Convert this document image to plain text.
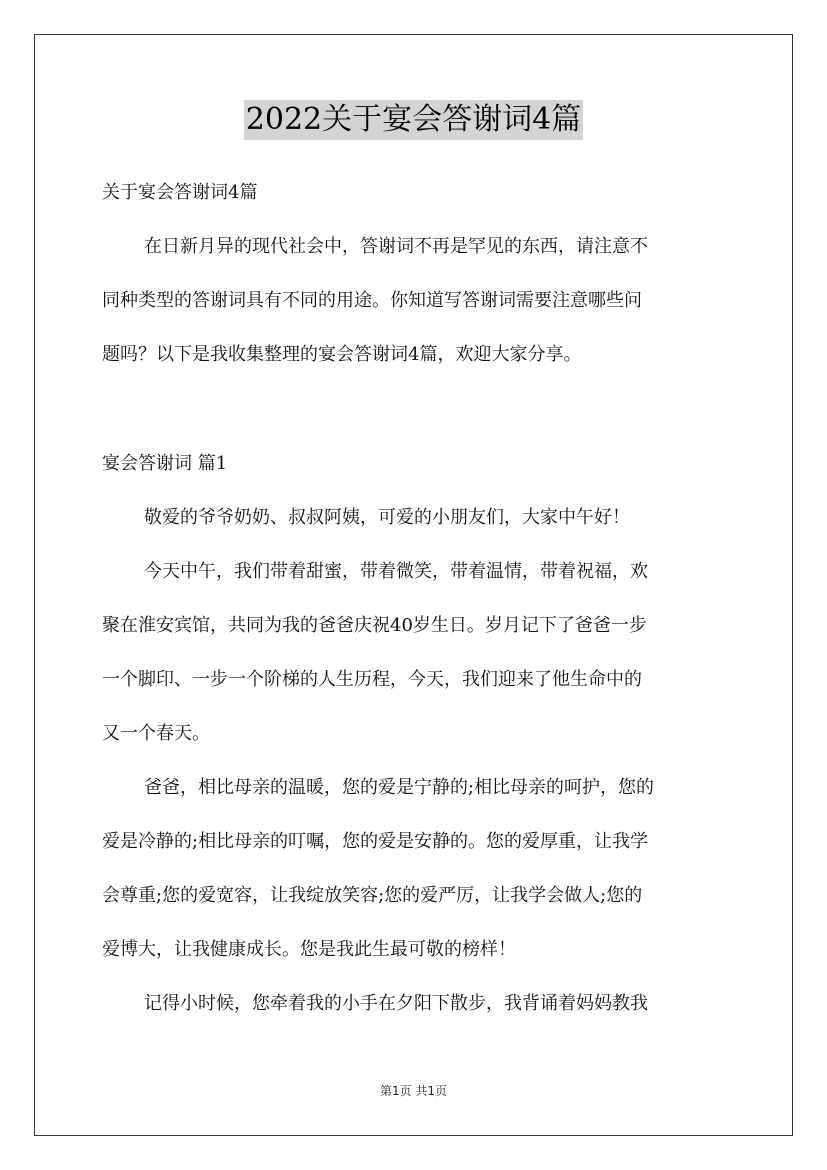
2022关于宴会答谢词4篇
关于宴会答谢词4篇
在日新月异的现代社会中，答谢词不再是罕见的东西，请注意不
同种类型的答谢词具有不同的用途。你知道写答谢词需要注意哪些问
题吗？以下是我收集整理的宴会答谢词4篇，欢迎大家分享。
宴会答谢词 篇1
敬爱的爷爷奶奶、叔叔阿姨，可爱的小朋友们，大家中午好！
今天中午，我们带着甜蜜，带着微笑，带着温情，带着祝福，欢
聚在淮安宾馆，共同为我的爸爸庆祝40岁生日。岁月记下了爸爸一步
一个脚印、一步一个阶梯的人生历程，今天，我们迎来了他生命中的
又一个春天。
爸爸，相比母亲的温暖，您的爱是宁静的;相比母亲的呵护，您的
爱是冷静的;相比母亲的叮嘱，您的爱是安静的。您的爱厚重，让我学
会尊重;您的爱宽容，让我绽放笑容;您的爱严厉，让我学会做人;您的
爱博大，让我健康成长。您是我此生最可敬的榜样！
记得小时候，您牵着我的小手在夕阳下散步，我背诵着妈妈教我
第1页 共1页
